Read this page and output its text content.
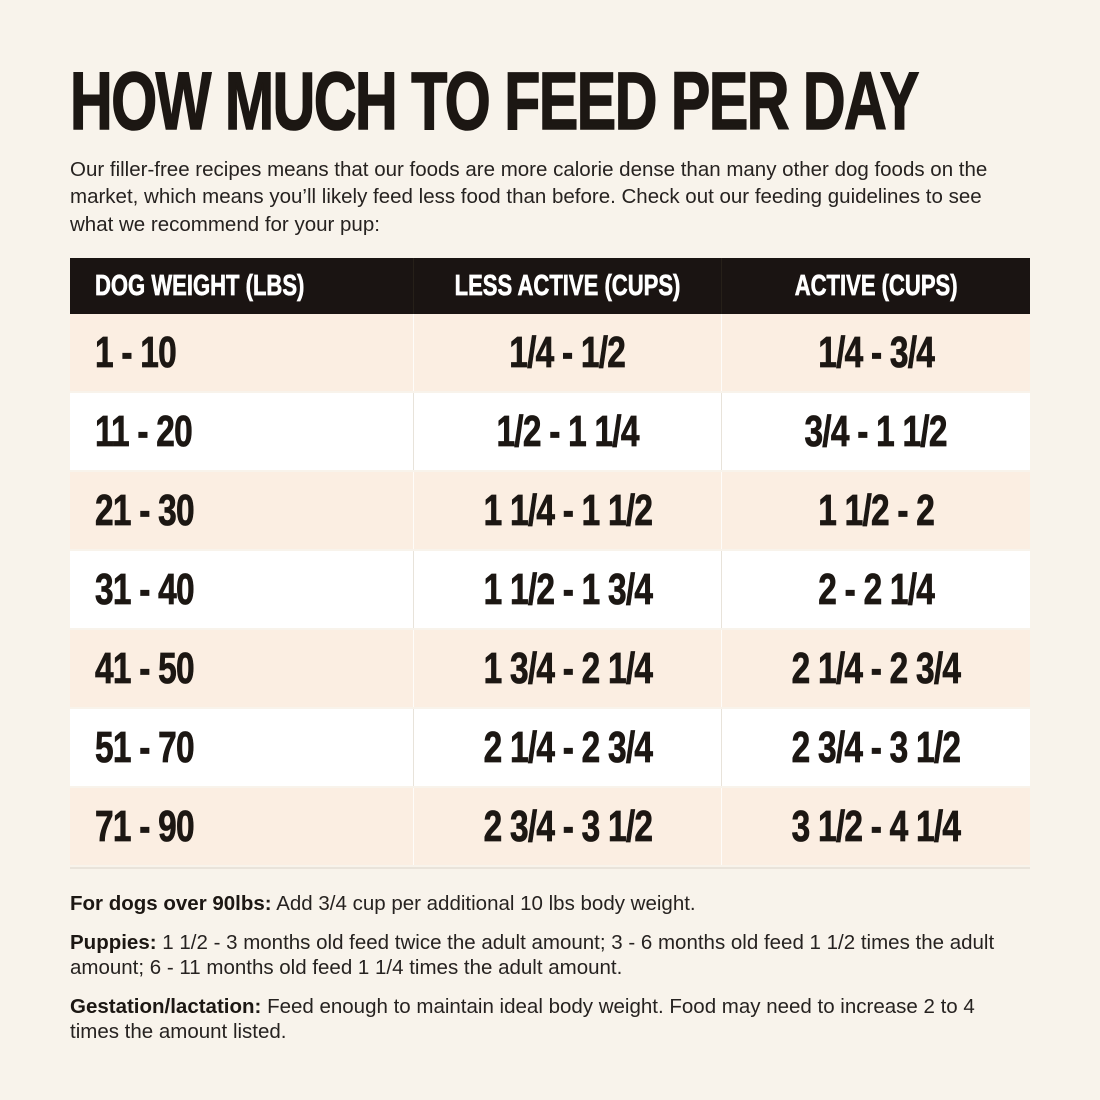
HOW MUCH TO FEED PER DAY

Our filler-free recipes means that our foods are more calorie dense than many other dog foods on the market, which means you’ll likely feed less food than before. Check out our feeding guidelines to see what we recommend for your pup:

DOG WEIGHT (LBS)	LESS ACTIVE (CUPS)	ACTIVE (CUPS)
1 - 10	1/4 - 1/2	1/4 - 3/4
11 - 20	1/2 - 1 1/4	3/4 - 1 1/2
21 - 30	1 1/4 - 1 1/2	1 1/2 - 2
31 - 40	1 1/2 - 1 3/4	2 - 2 1/4
41 - 50	1 3/4 - 2 1/4	2 1/4 - 2 3/4
51 - 70	2 1/4 - 2 3/4	2 3/4 - 3 1/2
71 - 90	2 3/4 - 3 1/2	3 1/2 - 4 1/4

For dogs over 90lbs: Add 3/4 cup per additional 10 lbs body weight.

Puppies: 1 1/2 - 3 months old feed twice the adult amount; 3 - 6 months old feed 1 1/2 times the adult amount; 6 - 11 months old feed 1 1/4 times the adult amount.

Gestation/lactation: Feed enough to maintain ideal body weight. Food may need to increase 2 to 4 times the amount listed.
